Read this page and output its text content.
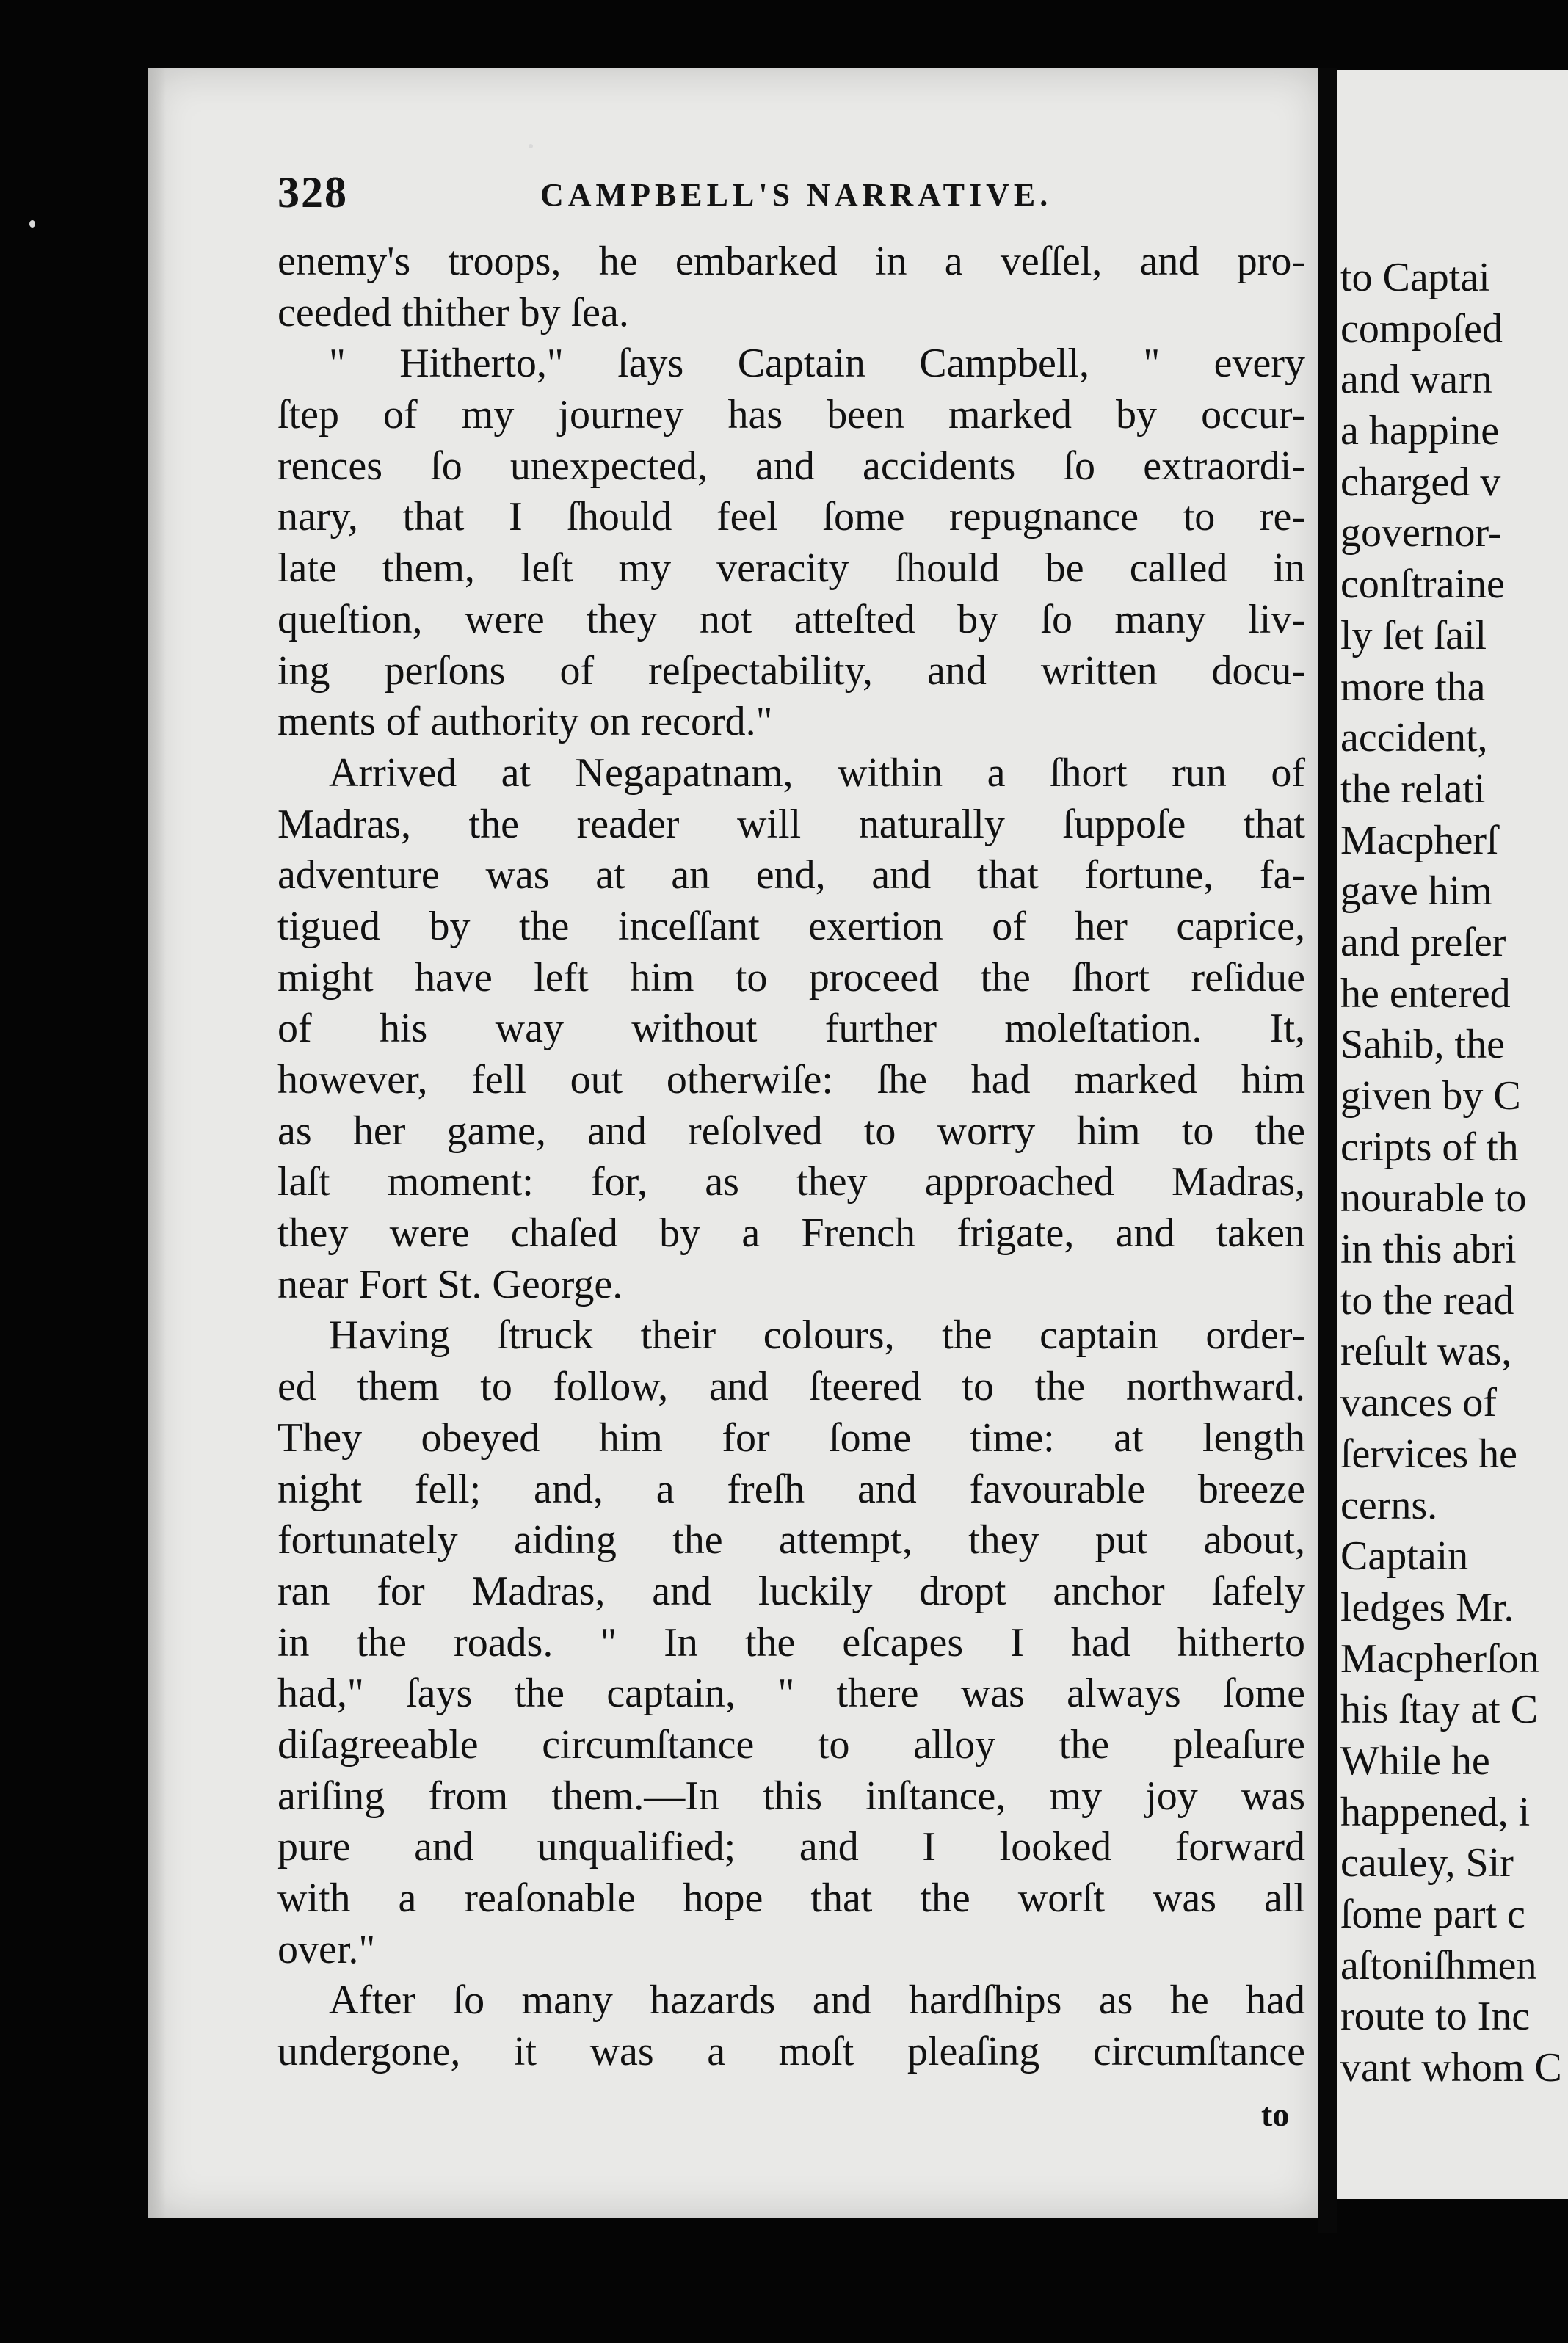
328	CAMPBELL'S NARRATIVE.
enemy's troops, he embarked in a veſſel, and pro-
ceeded thither by ſea.
" Hitherto," ſays Captain Campbell, " every
ſtep of my journey has been marked by occur-
rences ſo unexpected, and accidents ſo extraordi-
nary, that I ſhould feel ſome repugnance to re-
late them, leſt my veracity ſhould be called in
queſtion, were they not atteſted by ſo many liv-
ing perſons of reſpectability, and written docu-
ments of authority on record."
Arrived at Negapatnam, within a ſhort run of
Madras, the reader will naturally ſuppoſe that
adventure was at an end, and that fortune, fa-
tigued by the inceſſant exertion of her caprice,
might have left him to proceed the ſhort reſidue
of his way without further moleſtation. It,
however, fell out otherwiſe: ſhe had marked him
as her game, and reſolved to worry him to the
laſt moment: for, as they approached Madras,
they were chaſed by a French frigate, and taken
near Fort St. George.
Having ſtruck their colours, the captain order-
ed them to follow, and ſteered to the northward.
They obeyed him for ſome time: at length
night fell; and, a freſh and favourable breeze
fortunately aiding the attempt, they put about,
ran for Madras, and luckily dropt anchor ſafely
in the roads. " In the eſcapes I had hitherto
had," ſays the captain, " there was always ſome
diſagreeable circumſtance to alloy the pleaſure
ariſing from them.—In this inſtance, my joy was
pure and unqualified; and I looked forward
with a reaſonable hope that the worſt was all
over."
After ſo many hazards and hardſhips as he had
undergone, it was a moſt pleaſing circumſtance
to
to Captai
compoſed
and warn
a happine
charged v
governor-
conſtraine
ly ſet ſail
more tha
accident,
the relati
Macpherſ
gave him
and preſer
he entered
Sahib, the
given by C
cripts of th
nourable to
in this abri
to the read
reſult was,
vances of
ſervices he
cerns.
Captain
ledges Mr.
Macpherſon
his ſtay at C
While he
happened, i
cauley, Sir
ſome part c
aſtoniſhmen
route to Inc
vant whom C
